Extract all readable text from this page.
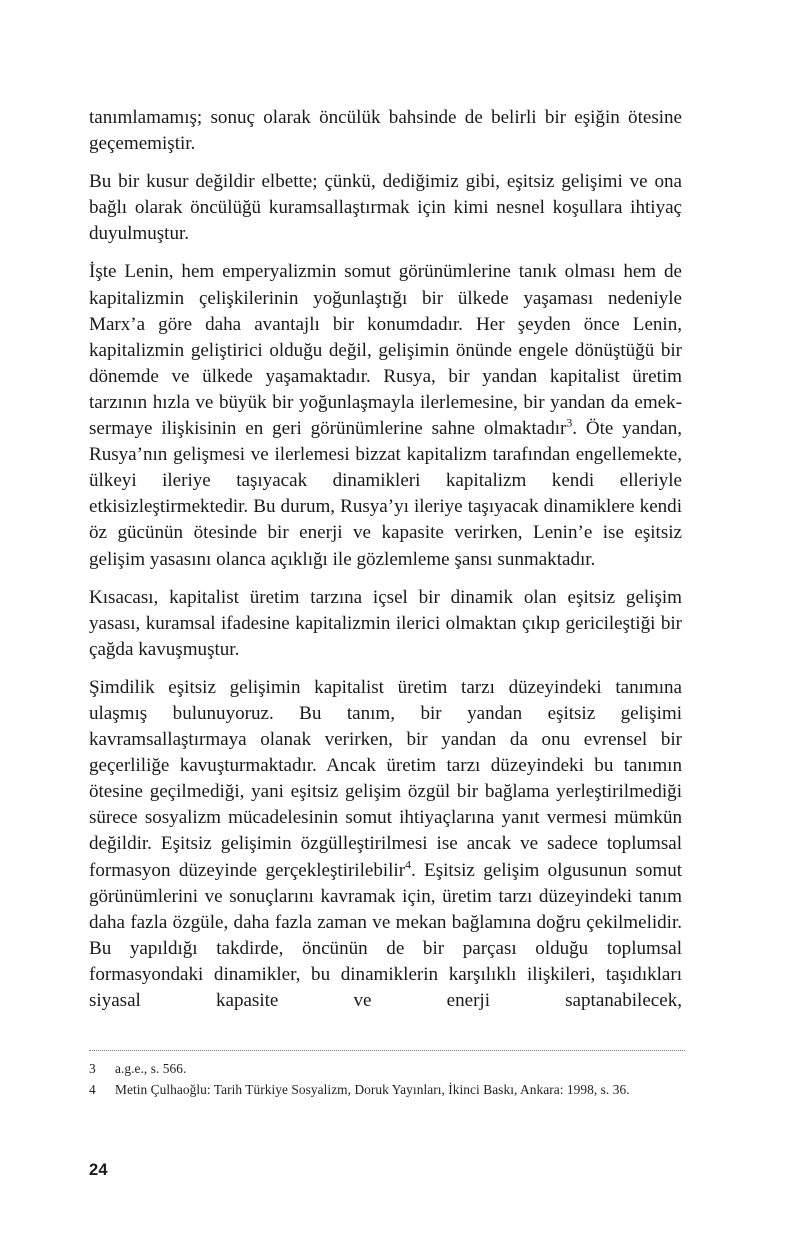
tanımlamamış; sonuç olarak öncülük bahsinde de belirli bir eşiğin ötesine geçememiştir.

Bu bir kusur değildir elbette; çünkü, dediğimiz gibi, eşitsiz gelişimi ve ona bağlı olarak öncülüğü kuramsallaştırmak için kimi nesnel koşullara ihtiyaç duyulmuştur.

İşte Lenin, hem emperyalizmin somut görünümlerine tanık olması hem de kapitalizmin çelişkilerinin yoğunlaştığı bir ülkede yaşaması nedeniyle Marx’a göre daha avantajlı bir konumdadır. Her şeyden önce Lenin, kapitalizmin geliştirici olduğu değil, gelişimin önünde engele dönüştüğü bir dönemde ve ülkede yaşamaktadır. Rusya, bir yandan kapitalist üretim tarzının hızla ve büyük bir yoğunlaşmayla ilerlemesine, bir yandan da emek-sermaye ilişkisinin en geri görünümlerine sahne olmaktadır$^3$. Öte yandan, Rusya’nın gelişmesi ve ilerlemesi bizzat kapitalizm tarafından engellemekte, ülkeyi ileriye taşıyacak dinamikleri kapitalizm kendi elleriyle etkisizleştirmektedir. Bu durum, Rusya’yı ileriye taşıyacak dinamiklere kendi öz gücünün ötesinde bir enerji ve kapasite verirken, Lenin’e ise eşitsiz gelişim yasasını olanca açıklığı ile gözlemleme şansı sunmaktadır.

Kısacası, kapitalist üretim tarzına içsel bir dinamik olan eşitsiz gelişim yasası, kuramsal ifadesine kapitalizmin ilerici olmaktan çıkıp gericileştiği bir çağda kavuşmuştur.

Şimdilik eşitsiz gelişimin kapitalist üretim tarzı düzeyindeki tanımına ulaşmış bulunuyoruz. Bu tanım, bir yandan eşitsiz gelişimi kavramsallaştırmaya olanak verirken, bir yandan da onu evrensel bir geçerliliğe kavuşturmaktadır. Ancak üretim tarzı düzeyindeki bu tanımın ötesine geçilmediği, yani eşitsiz gelişim özgül bir bağlama yerleştirilmediği sürece sosyalizm mücadelesinin somut ihtiyaçlarına yanıt vermesi mümkün değildir. Eşitsiz gelişimin özgülleştirilmesi ise ancak ve sadece toplumsal formasyon düzeyinde gerçekleştirilebilir$^4$. Eşitsiz gelişim olgusunun somut görünümlerini ve sonuçlarını kavramak için, üretim tarzı düzeyindeki tanım daha fazla özgüle, daha fazla zaman ve mekan bağlamına doğru çekilmelidir. Bu yapıldığı takdirde, öncünün de bir parçası olduğu toplumsal formasyondaki dinamikler, bu dinamiklerin karşılıklı ilişkileri, taşıdıkları siyasal kapasite ve enerji saptanabilecek,

3	a.g.e., s. 566.
4	Metin Çulhaoğlu: Tarih Türkiye Sosyalizm, Doruk Yayınları, İkinci Baskı, Ankara: 1998, s. 36.
24
